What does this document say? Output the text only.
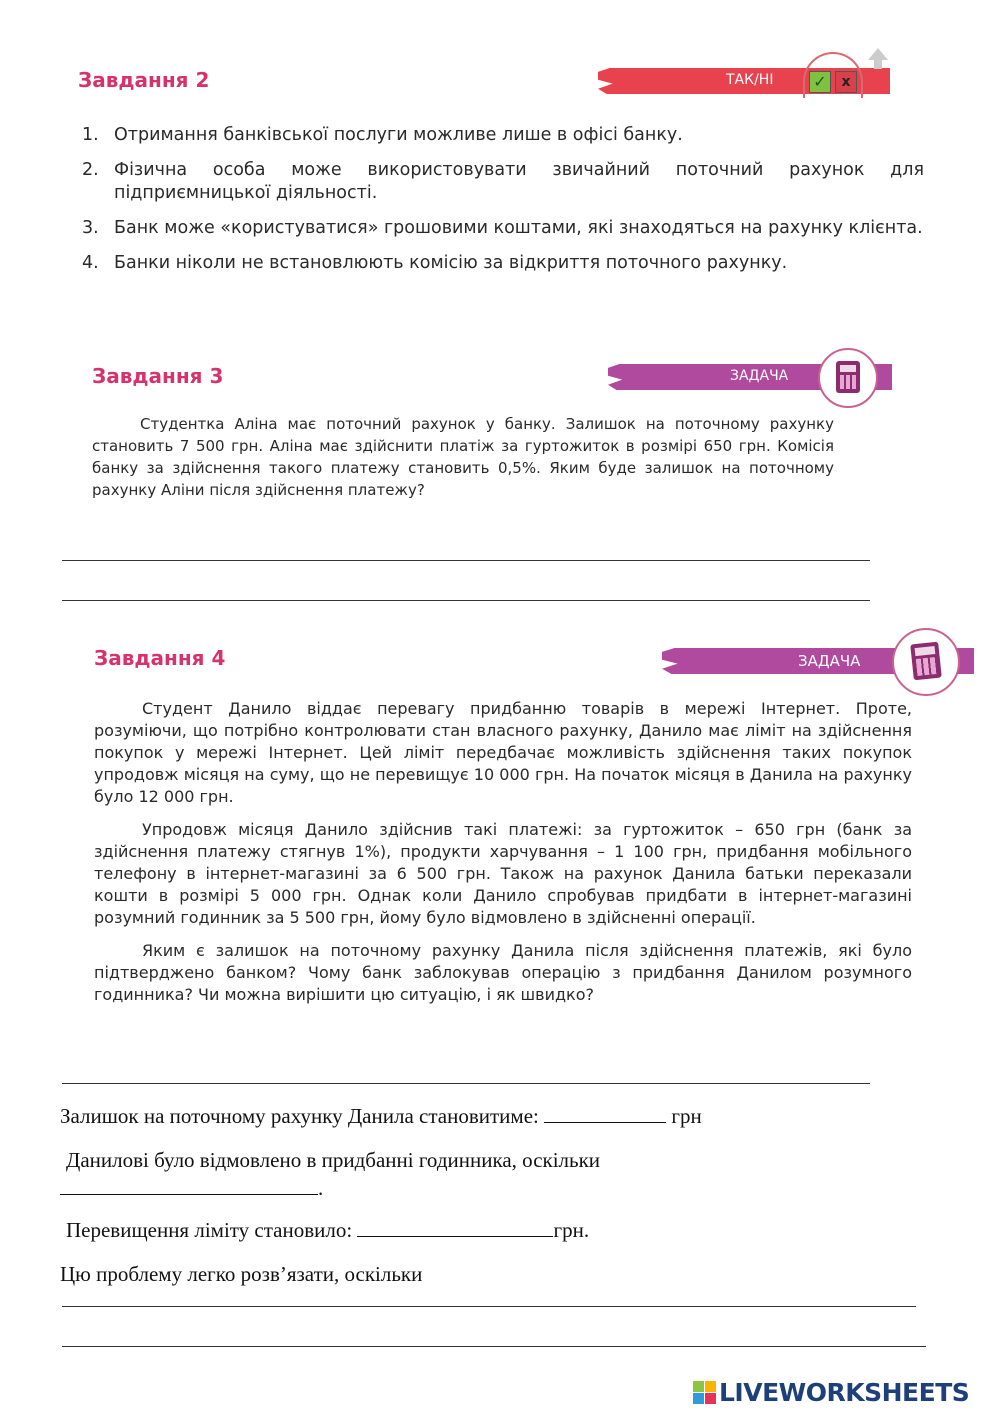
Завдання 2	ТАК/НІ ✓	x
1. Отримання банківської послуги можливе лише в офісі банку.
2. Фізична особа може використовувати звичайний поточний рахунок для підприємницької діяльності.
3. Банк може «користуватися» грошовими коштами, які знаходяться на рахунку клієнта.
4. Банки ніколи не встановлюють комісію за відкриття поточного рахунку.
Завдання 3	ЗАДАЧА

Студентка Аліна має поточний рахунок у банку. Залишок на поточному рахунку становить 7 500 грн. Аліна має здійснити платіж за гуртожиток в розмірі 650 грн. Комісія банку за здійснення такого платежу становить 0,5%. Яким буде залишок на поточному рахунку Аліни після здійснення платежу?

Завдання 4	ЗАДАЧА

Студент Данило віддає перевагу придбанню товарів в мережі Інтернет. Проте, розуміючи, що потрібно контролювати стан власного рахунку, Данило має ліміт на здійснення покупок у мережі Інтернет. Цей ліміт передбачає можливість здійснення таких покупок упродовж місяця на суму, що не перевищує 10 000 грн. На початок місяця в Данила на рахунку було 12 000 грн.

Упродовж місяця Данило здійснив такі платежі: за гуртожиток – 650 грн (банк за здійснення платежу стягнув 1%), продукти харчування – 1 100 грн, придбання мобільного телефону в інтернет-магазині за 6 500 грн. Також на рахунок Данила батьки переказали кошти в розмірі 5 000 грн. Однак коли Данило спробував придбати в інтернет-магазині розумний годинник за 5 500 грн, йому було відмовлено в здійсненні операції.

Яким є залишок на поточному рахунку Данила після здійснення платежів, які було підтверджено банком? Чому банк заблокував операцію з придбання Данилом розумного годинника? Чи можна вирішити цю ситуацію, і як швидко?

Залишок на поточному рахунку Данила становитиме:	грн
Данилові було відмовлено в придбанні годинника, оскільки
.
Перевищення ліміту становило:	грн.
Цю проблему легко розв’язати, оскільки
LIVEWORKSHEETS
